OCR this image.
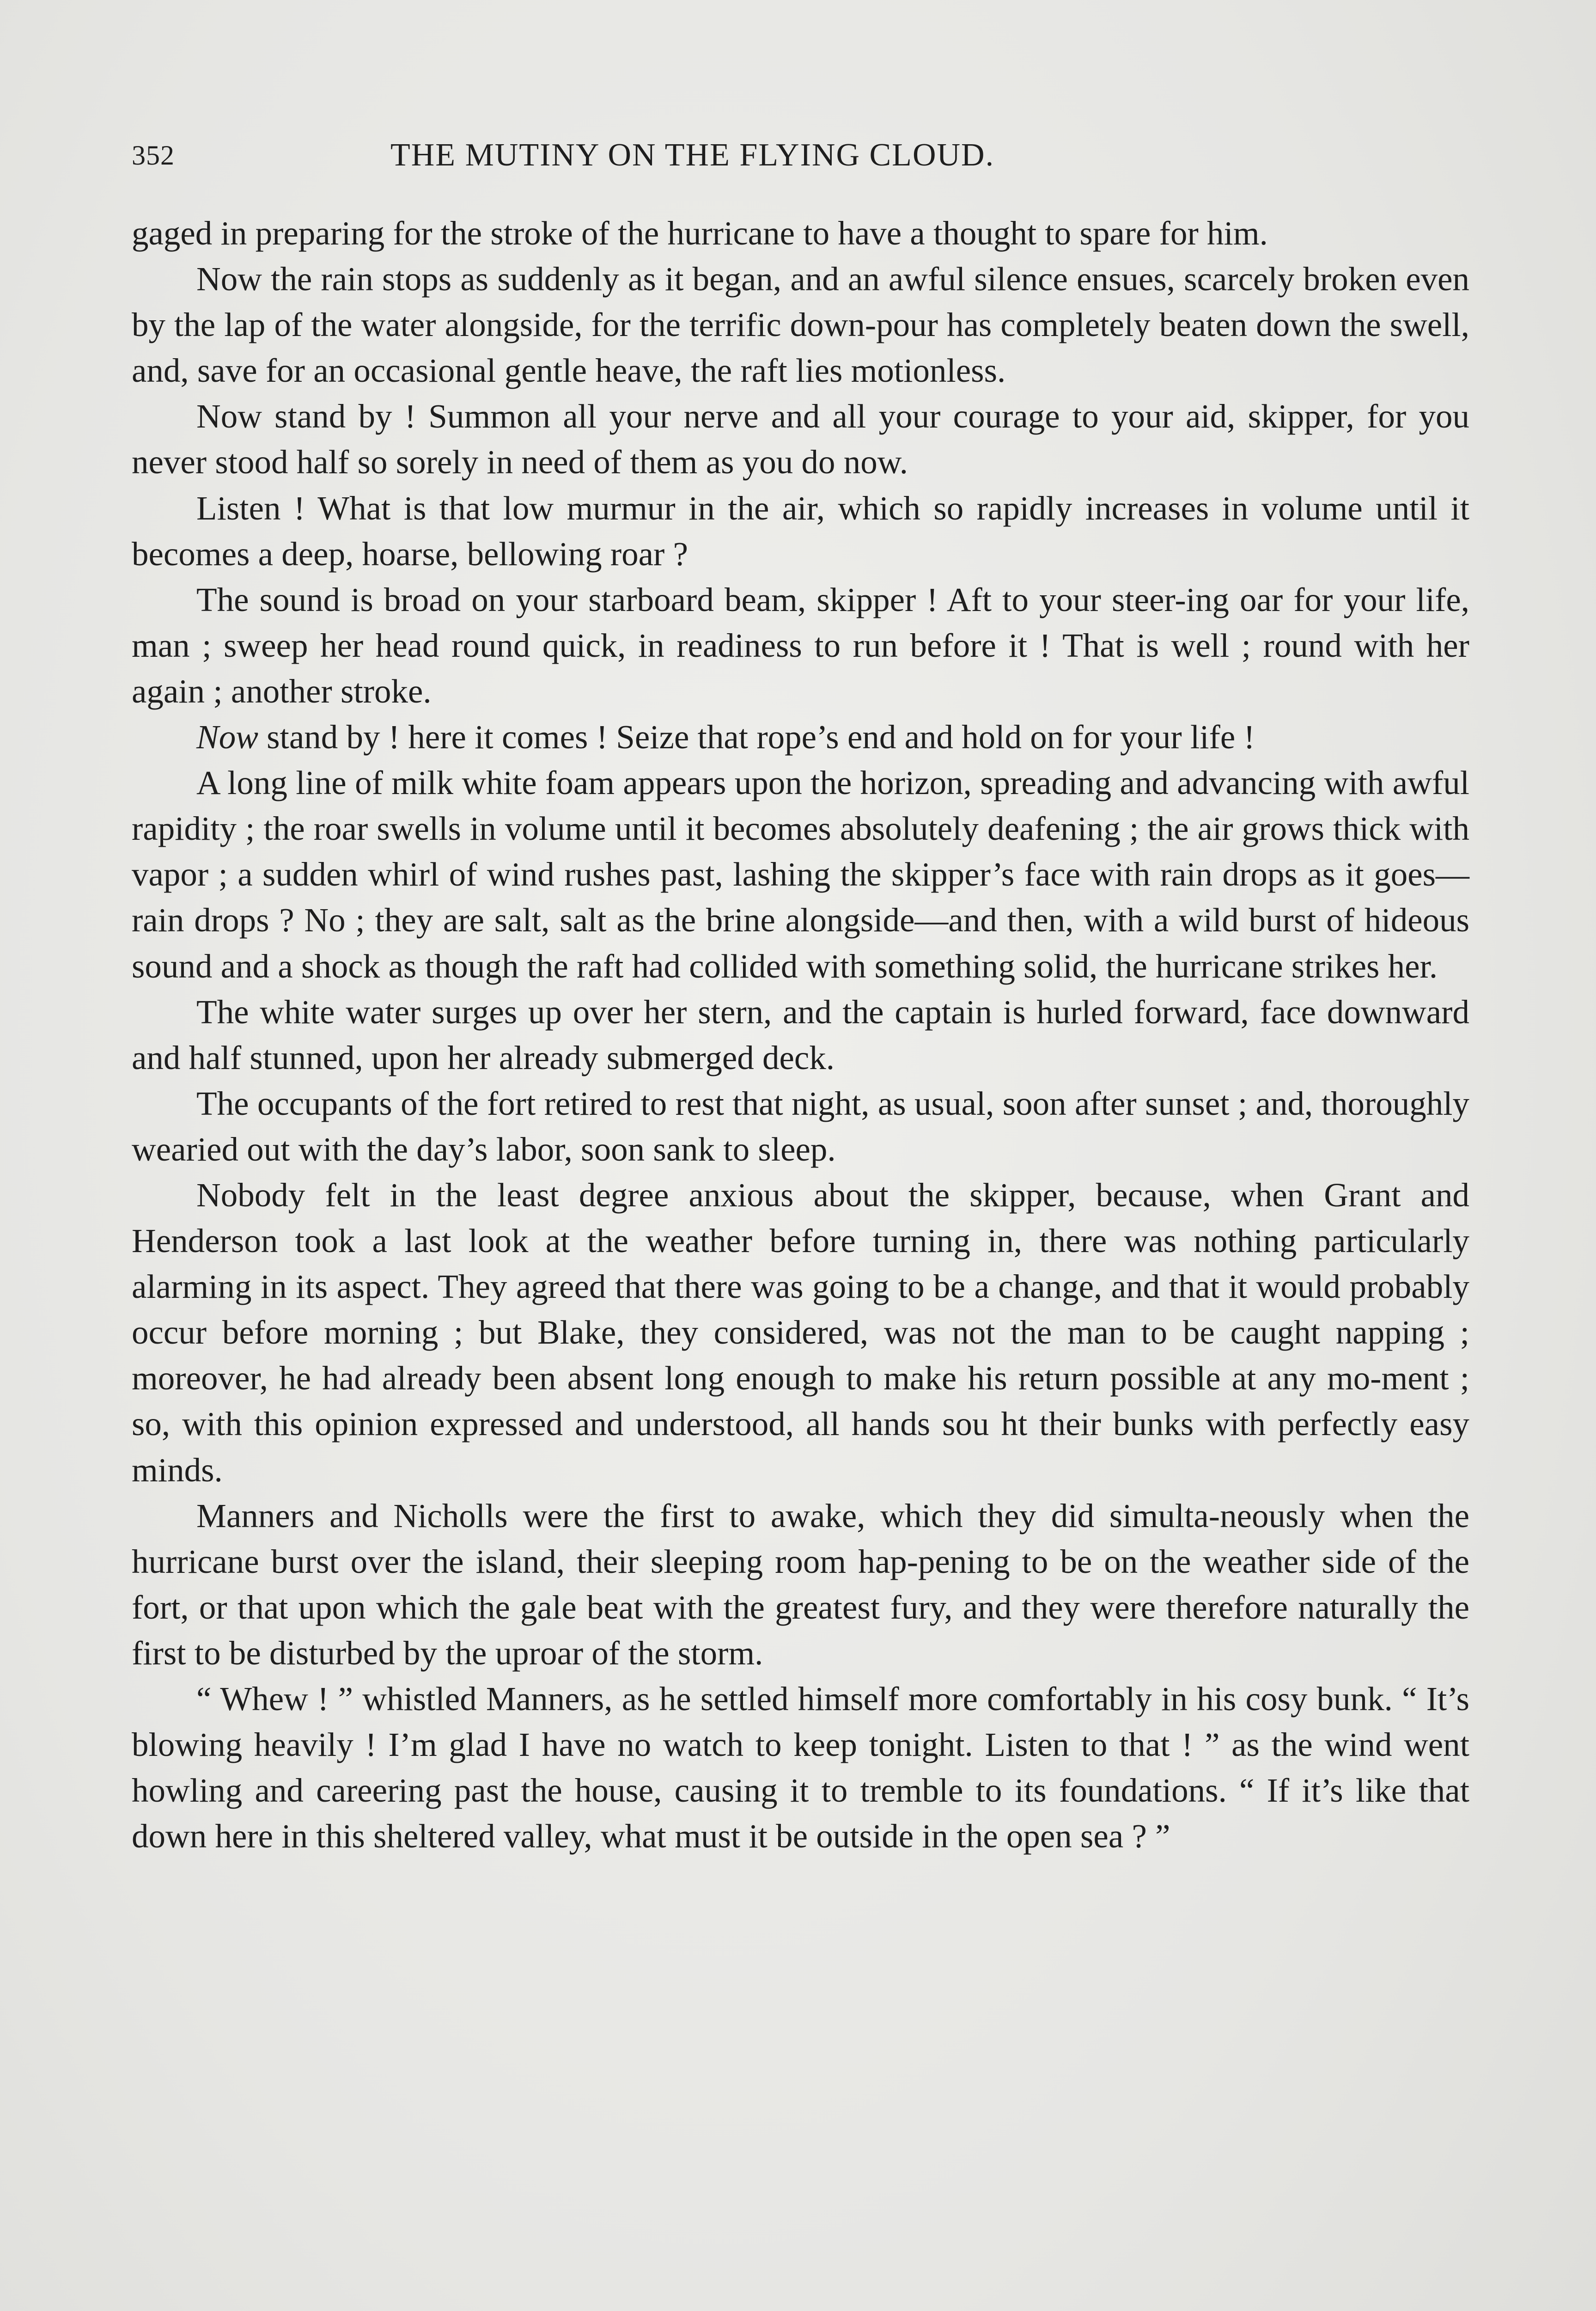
352	THE MUTINY ON THE FLYING CLOUD.

gaged in preparing for the stroke of the hurricane to have a thought to spare for him.

Now the rain stops as suddenly as it began, and an awful silence ensues, scarcely broken even by the lap of the water alongside, for the terrific down-pour has completely beaten down the swell, and, save for an occasional gentle heave, the raft lies motionless.

Now stand by ! Summon all your nerve and all your courage to your aid, skipper, for you never stood half so sorely in need of them as you do now.

Listen ! What is that low murmur in the air, which so rapidly increases in volume until it becomes a deep, hoarse, bellowing roar ?

The sound is broad on your starboard beam, skipper ! Aft to your steer-ing oar for your life, man ; sweep her head round quick, in readiness to run before it ! That is well ; round with her again ; another stroke.

Now stand by ! here it comes ! Seize that rope’s end and hold on for your life !

A long line of milk white foam appears upon the horizon, spreading and advancing with awful rapidity ; the roar swells in volume until it becomes absolutely deafening ; the air grows thick with vapor ; a sudden whirl of wind rushes past, lashing the skipper’s face with rain drops as it goes—rain drops ? No ; they are salt, salt as the brine alongside—and then, with a wild burst of hideous sound and a shock as though the raft had collided with something solid, the hurricane strikes her.

The white water surges up over her stern, and the captain is hurled forward, face downward and half stunned, upon her already submerged deck.

The occupants of the fort retired to rest that night, as usual, soon after sunset ; and, thoroughly wearied out with the day’s labor, soon sank to sleep.

Nobody felt in the least degree anxious about the skipper, because, when Grant and Henderson took a last look at the weather before turning in, there was nothing particularly alarming in its aspect. They agreed that there was going to be a change, and that it would probably occur before morning ; but Blake, they considered, was not the man to be caught napping ; moreover, he had already been absent long enough to make his return possible at any mo-ment ; so, with this opinion expressed and understood, all hands sou ht their bunks with perfectly easy minds.

Manners and Nicholls were the first to awake, which they did simulta-neously when the hurricane burst over the island, their sleeping room hap-pening to be on the weather side of the fort, or that upon which the gale beat with the greatest fury, and they were therefore naturally the first to be disturbed by the uproar of the storm.

“ Whew ! ” whistled Manners, as he settled himself more comfortably in his cosy bunk. “ It’s blowing heavily ! I’m glad I have no watch to keep tonight. Listen to that ! ” as the wind went howling and careering past the house, causing it to tremble to its foundations. “ If it’s like that down here in this sheltered valley, what must it be outside in the open sea ? ”
